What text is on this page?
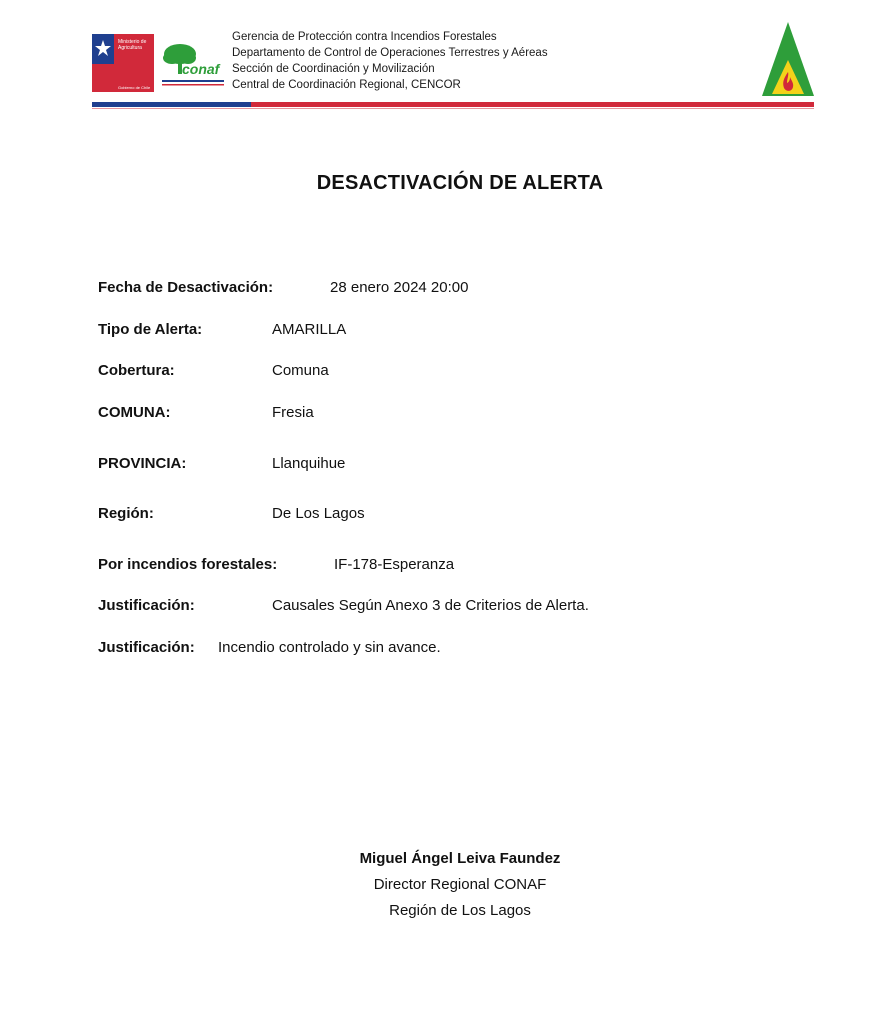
Ministerio de
Agricultura
Gobierno de Chile
conaf
Gerencia de Protección contra Incendios Forestales
Departamento de Control de Operaciones Terrestres y Aéreas
Sección de Coordinación y Movilización
Central de Coordinación Regional, CENCOR
DESACTIVACIÓN DE ALERTA
Fecha de Desactivación:	28 enero 2024 20:00
Tipo de Alerta:	AMARILLA
Cobertura:	Comuna
COMUNA:	Fresia
PROVINCIA:	Llanquihue
Región:	De Los Lagos
Por incendios forestales:	IF-178-Esperanza
Justificación:	Causales Según Anexo 3 de Criterios de Alerta.
Justificación: Incendio controlado y sin avance.
Miguel Ángel Leiva Faundez
Director Regional CONAF
Región de Los Lagos
